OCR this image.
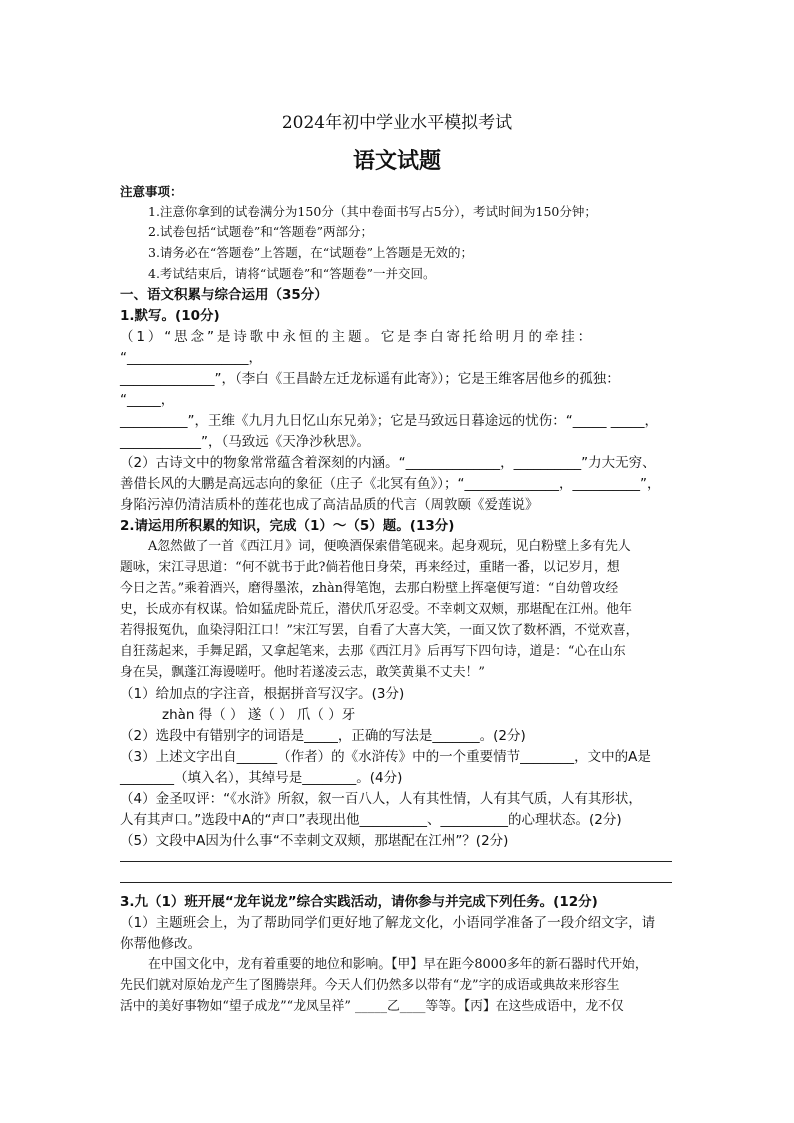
2024年初中学业水平模拟考试
语文试题
注意事项：
1.注意你拿到的试卷满分为150分（其中卷面书写占5分），考试时间为150分钟；
2.试卷包括“试题卷”和“答题卷”两部分；
3.请务必在“答题卷”上答题，在“试题卷”上答题是无效的；
4.考试结束后，请将“试题卷”和“答题卷”一并交回。
一、语文积累与综合运用（35分）
1.默写。(10分)
（1）“思念”是诗歌中永恒的主题。它是李白寄托给明月的牵挂：
“__________________，
______________”，（李白《王昌龄左迁龙标遥有此寄》）；它是王维客居他乡的孤独：
“_____，
__________”，王维《九月九日忆山东兄弟》；它是马致远日暮途远的忧伤：“_____ _____，
____________”，（马致远《天净沙秋思》。
（2）古诗文中的物象常常蕴含着深刻的内涵。“______________，__________”力大无穷、
善借长风的大鹏是高远志向的象征（庄子《北冥有鱼》）；“______________，__________”，
身陷污淖仍清洁质朴的莲花也成了高洁品质的代言（周敦颐《爱莲说》
2.请运用所积累的知识，完成（1）～（5）题。(13分)
A忽然做了一首《西江月》词，便唤酒保索借笔砚来。起身观玩，见白粉壁上多有先人
题咏，宋江寻思道：“何不就书于此?倘若他日身荣，再来经过，重睹一番，以记岁月，想
今日之苦。”乘着酒兴，磨得墨浓，zhàn得笔饱，去那白粉壁上挥毫便写道：“自幼曾攻经
史，长成亦有权谋。恰如猛虎卧荒丘，潜伏爪牙忍受。不幸刺文双颊，那堪配在江州。他年
若得报冤仇，血染浔阳江口！”宋江写罢，自看了大喜大笑，一面又饮了数杯酒，不觉欢喜，
自狂荡起来，手舞足蹈，又拿起笔来，去那《西江月》后再写下四句诗，道是：“心在山东
身在吴，飘蓬江海谩嗟吁。他时若遂凌云志，敢笑黄巢不丈夫！”
（1）给加点的字注音，根据拼音写汉字。(3分)
zhàn 得（ ） 遂（ ） 爪（ ）牙
（2）选段中有错别字的词语是_____，正确的写法是_______。(2分)
（3）上述文字出自______（作者）的《水浒传》中的一个重要情节________，文中的A是
________（填入名），其绰号是________。(4分)
（4）金圣叹评：“《水浒》所叙，叙一百八人，人有其性情，人有其气质，人有其形状，
人有其声口。”选段中A的“声口”表现出他__________、__________的心理状态。(2分)
（5）文段中A因为什么事“不幸刺文双颊，那堪配在江州”？(2分)
3.九（1）班开展“龙年说龙”综合实践活动，请你参与并完成下列任务。(12分)
（1）主题班会上，为了帮助同学们更好地了解龙文化，小语同学准备了一段介绍文字，请
你帮他修改。
在中国文化中，龙有着重要的地位和影响。【甲】早在距今8000多年的新石器时代开始，
先民们就对原始龙产生了图腾崇拜。今天人们仍然多以带有“龙”字的成语或典故来形容生
活中的美好事物如“望子成龙”“龙凤呈祥” _____乙____等等。【丙】在这些成语中，龙不仅
